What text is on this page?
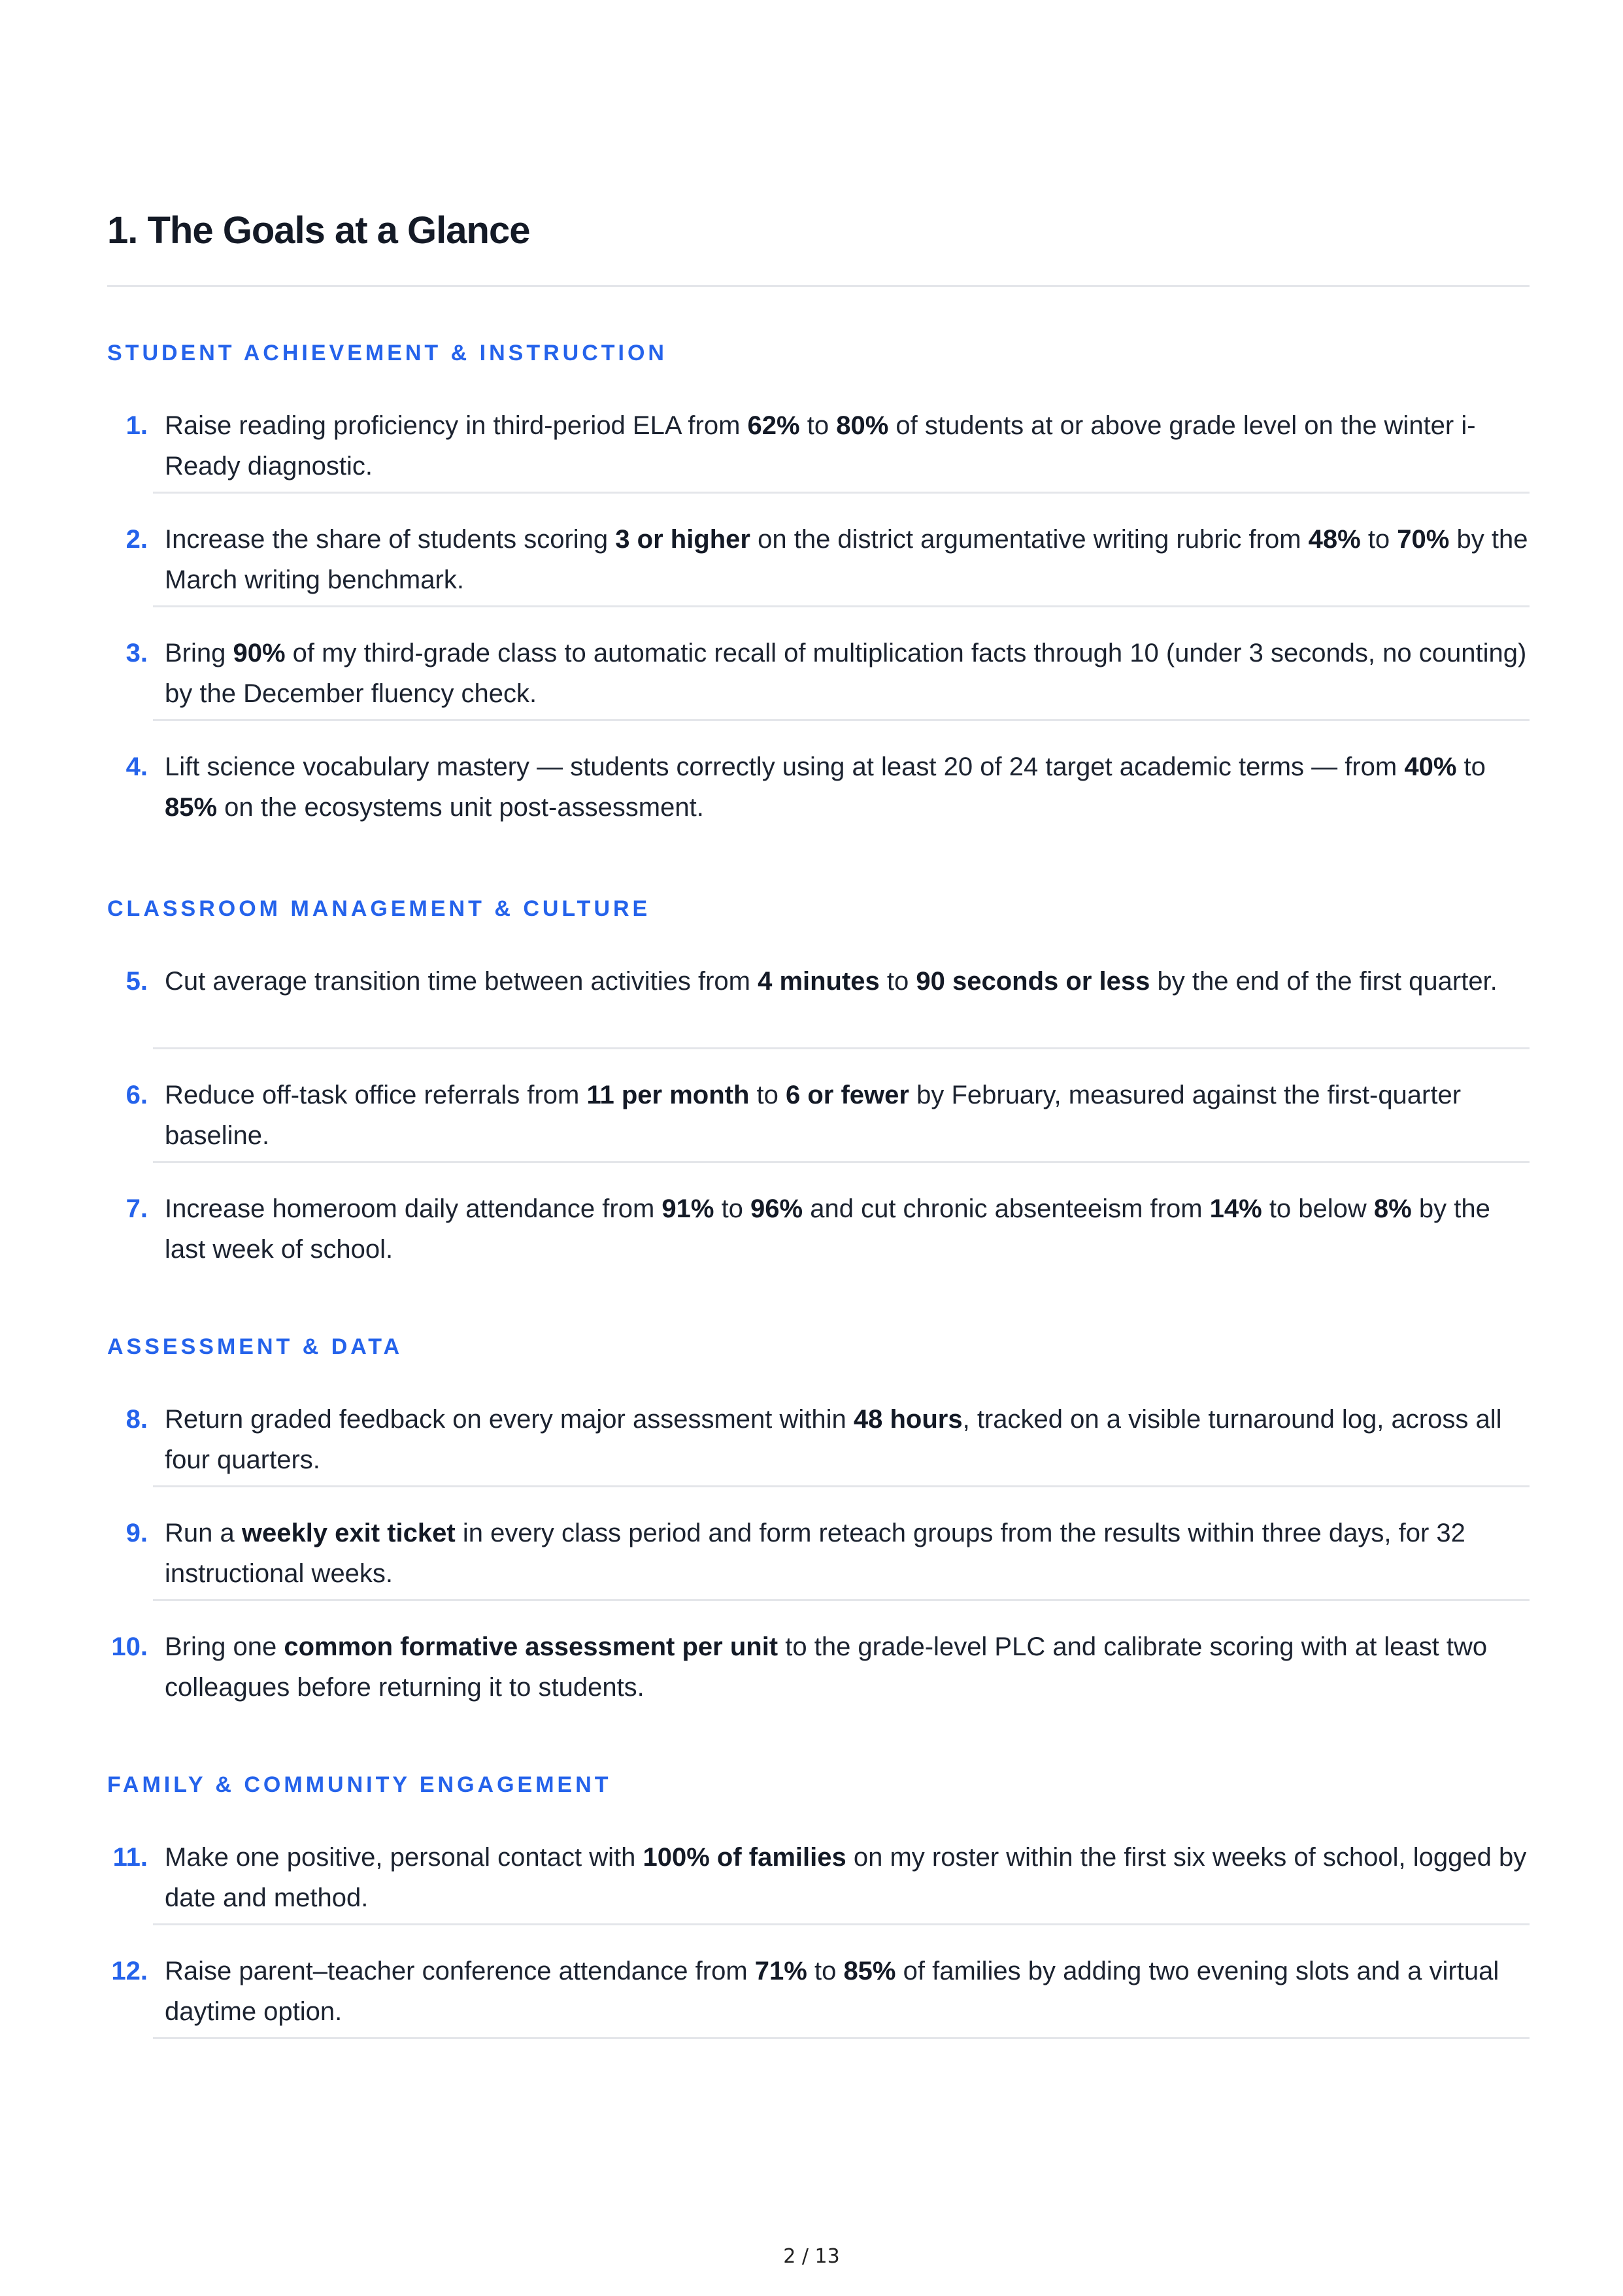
1. The Goals at a Glance
STUDENT ACHIEVEMENT & INSTRUCTION
1. Raise reading proficiency in third-period ELA from 62% to 80% of students at or above grade level on the winter i-Ready diagnostic.
2. Increase the share of students scoring 3 or higher on the district argumentative writing rubric from 48% to 70% by the March writing benchmark.
3. Bring 90% of my third-grade class to automatic recall of multiplication facts through 10 (under 3 seconds, no counting) by the December fluency check.
4. Lift science vocabulary mastery — students correctly using at least 20 of 24 target academic terms — from 40% to 85% on the ecosystems unit post-assessment.
CLASSROOM MANAGEMENT & CULTURE
5. Cut average transition time between activities from 4 minutes to 90 seconds or less by the end of the first quarter.
6. Reduce off-task office referrals from 11 per month to 6 or fewer by February, measured against the first-quarter baseline.
7. Increase homeroom daily attendance from 91% to 96% and cut chronic absenteeism from 14% to below 8% by the last week of school.
ASSESSMENT & DATA
8. Return graded feedback on every major assessment within 48 hours, tracked on a visible turnaround log, across all four quarters.
9. Run a weekly exit ticket in every class period and form reteach groups from the results within three days, for 32 instructional weeks.
10. Bring one common formative assessment per unit to the grade-level PLC and calibrate scoring with at least two colleagues before returning it to students.
FAMILY & COMMUNITY ENGAGEMENT
11. Make one positive, personal contact with 100% of families on my roster within the first six weeks of school, logged by date and method.
12. Raise parent–teacher conference attendance from 71% to 85% of families by adding two evening slots and a virtual daytime option.
2 / 13
